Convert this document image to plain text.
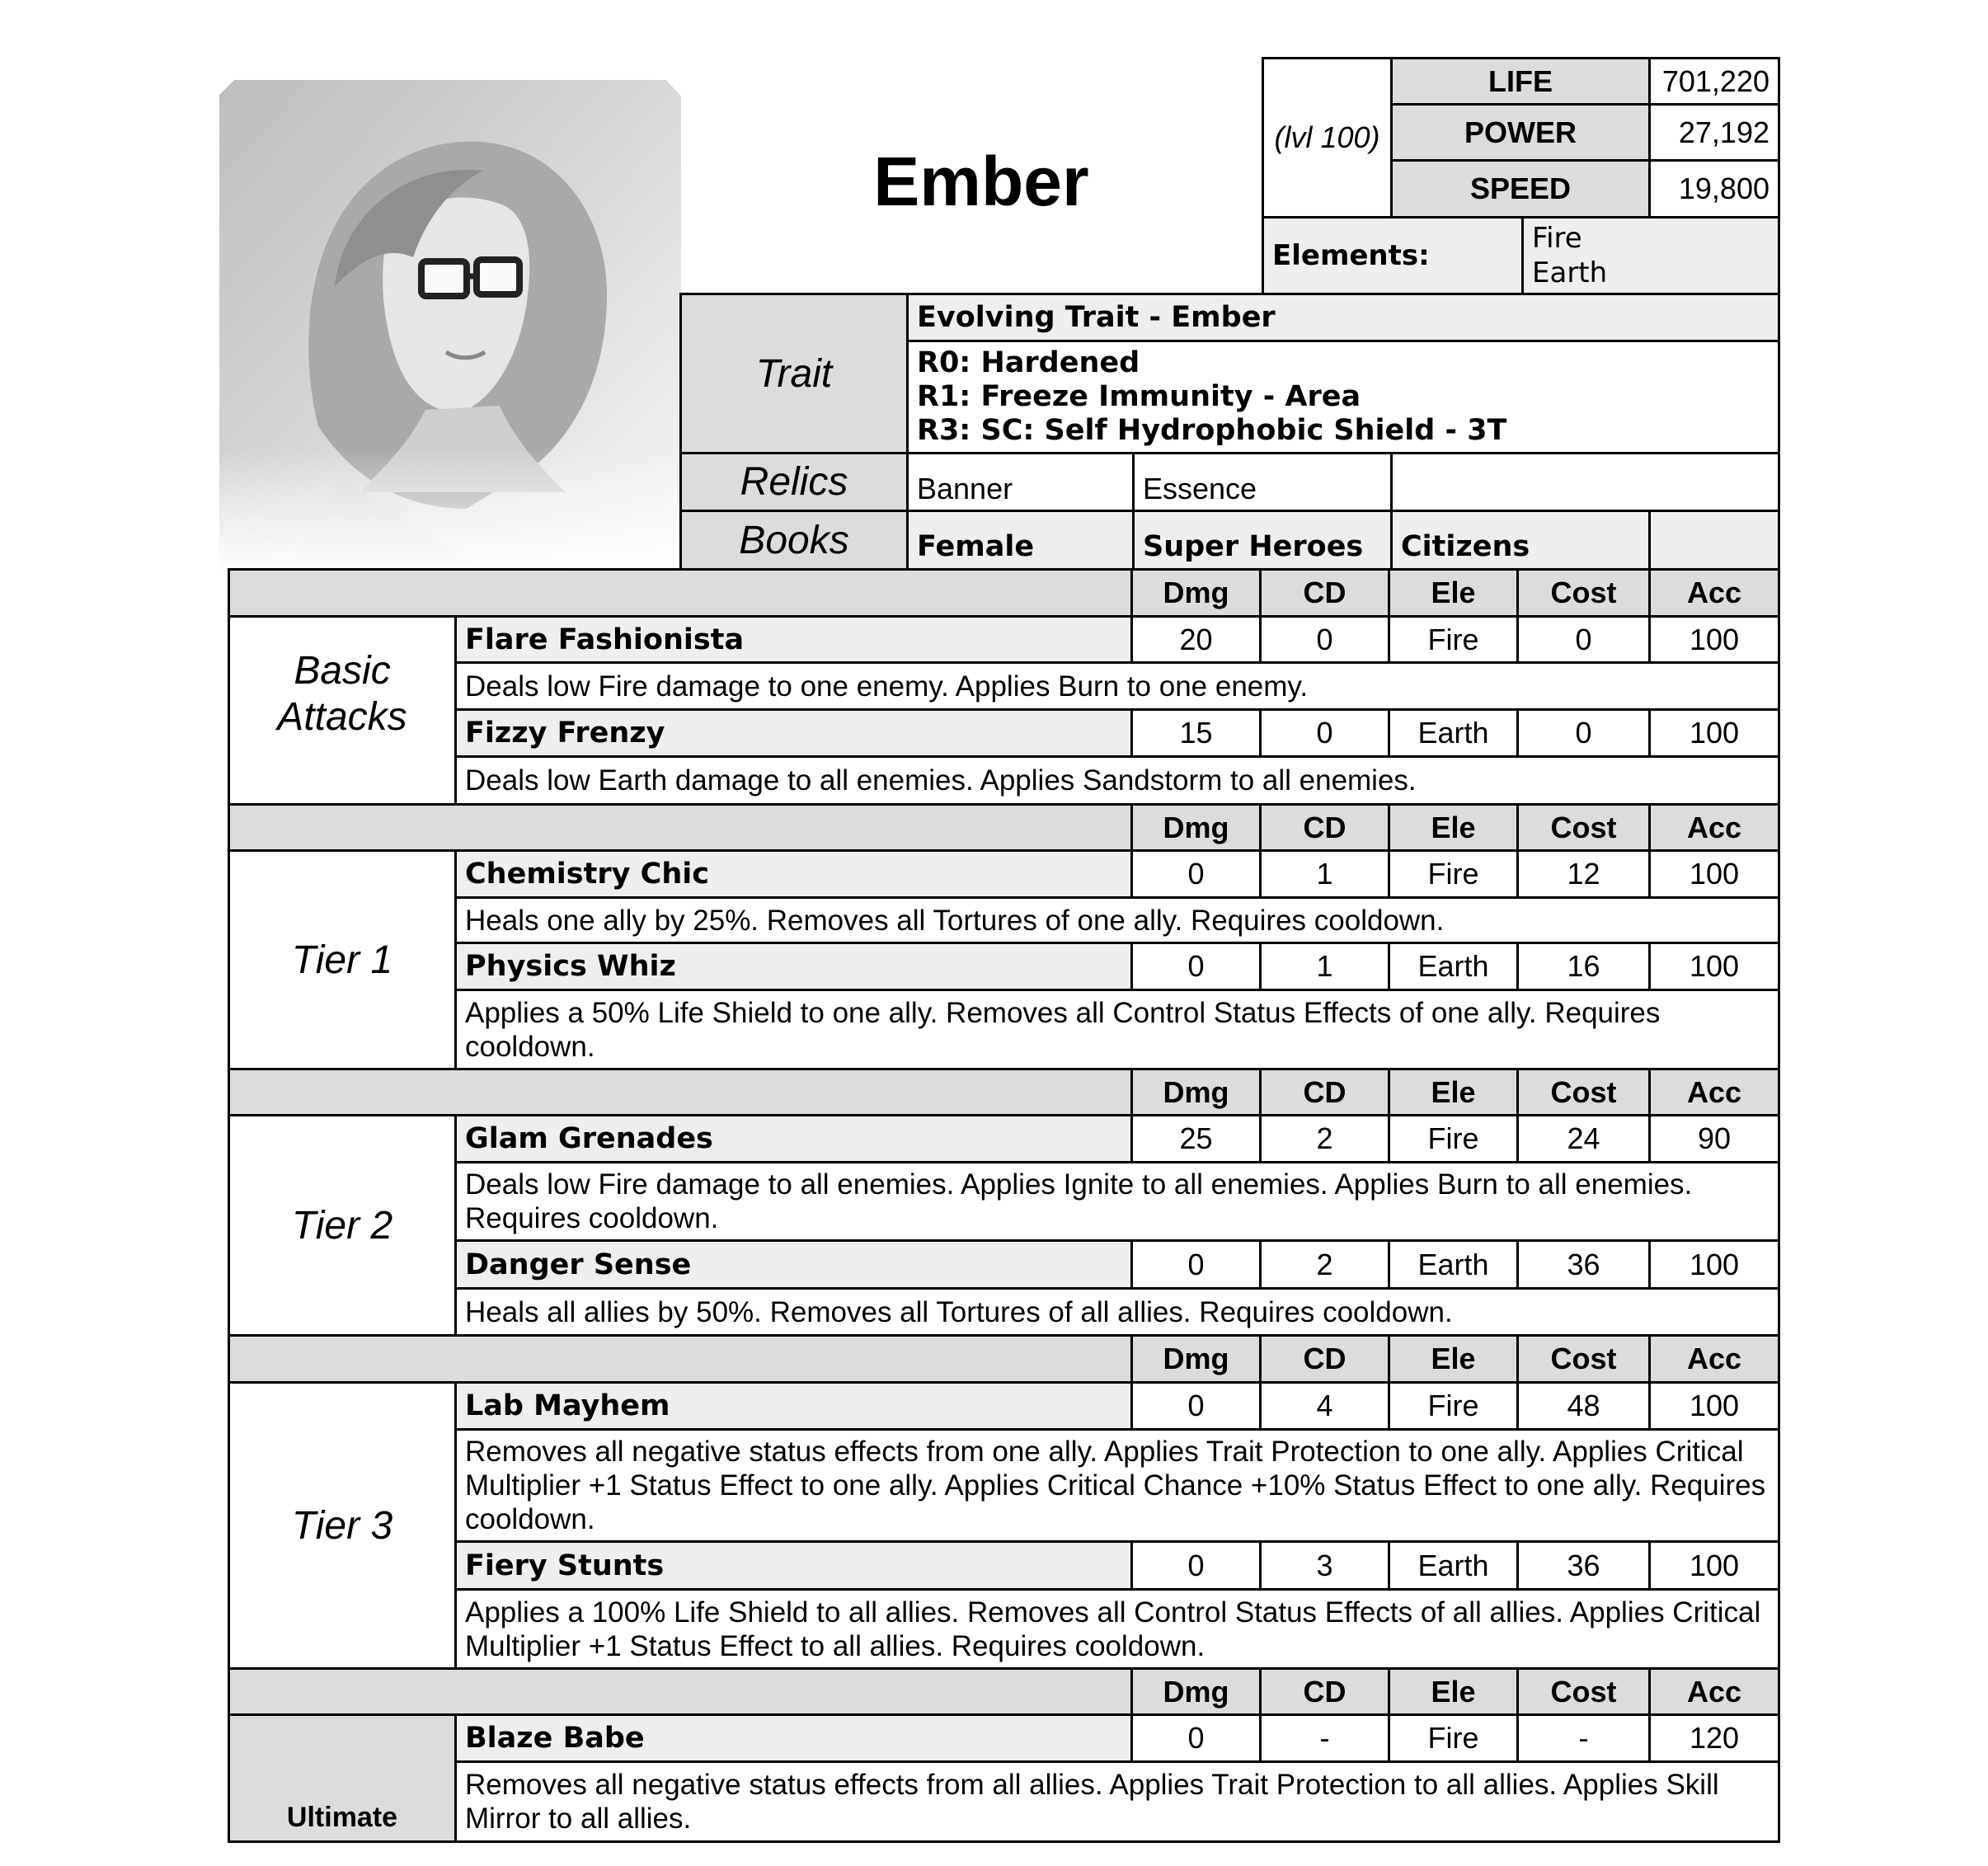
Ember
(lvl 100)
LIFE	701,220
POWER	27,192
SPEED	19,800
Elements:
Fire
Earth
Trait
Evolving Trait - Ember
R0: Hardened
R1: Freeze Immunity - Area
R3: SC: Self Hydrophobic Shield - 3T
Relics	Banner	Essence
Books	Female	Super Heroes	Citizens
Dmg	CD	Ele	Cost	Acc
Basic Attacks
Flare Fashionista	20	0	Fire	0	100
Deals low Fire damage to one enemy. Applies Burn to one enemy.
Fizzy Frenzy	15	0	Earth	0	100
Deals low Earth damage to all enemies. Applies Sandstorm to all enemies.
Dmg	CD	Ele	Cost	Acc
Tier 1
Chemistry Chic	0	1	Fire	12	100
Heals one ally by 25%. Removes all Tortures of one ally. Requires cooldown.
Physics Whiz	0	1	Earth	16	100
Applies a 50% Life Shield to one ally. Removes all Control Status Effects of one ally. Requires cooldown.
Dmg	CD	Ele	Cost	Acc
Tier 2
Glam Grenades	25	2	Fire	24	90
Deals low Fire damage to all enemies. Applies Ignite to all enemies. Applies Burn to all enemies. Requires cooldown.
Danger Sense	0	2	Earth	36	100
Heals all allies by 50%. Removes all Tortures of all allies. Requires cooldown.
Dmg	CD	Ele	Cost	Acc
Tier 3
Lab Mayhem	0	4	Fire	48	100
Removes all negative status effects from one ally. Applies Trait Protection to one ally. Applies Critical Multiplier +1 Status Effect to one ally. Applies Critical Chance +10% Status Effect to one ally. Requires cooldown.
Fiery Stunts	0	3	Earth	36	100
Applies a 100% Life Shield to all allies. Removes all Control Status Effects of all allies. Applies Critical Multiplier +1 Status Effect to all allies. Requires cooldown.
Dmg	CD	Ele	Cost	Acc
Ultimate
Blaze Babe	0	-	Fire	-	120
Removes all negative status effects from all allies. Applies Trait Protection to all allies. Applies Skill Mirror to all allies.
